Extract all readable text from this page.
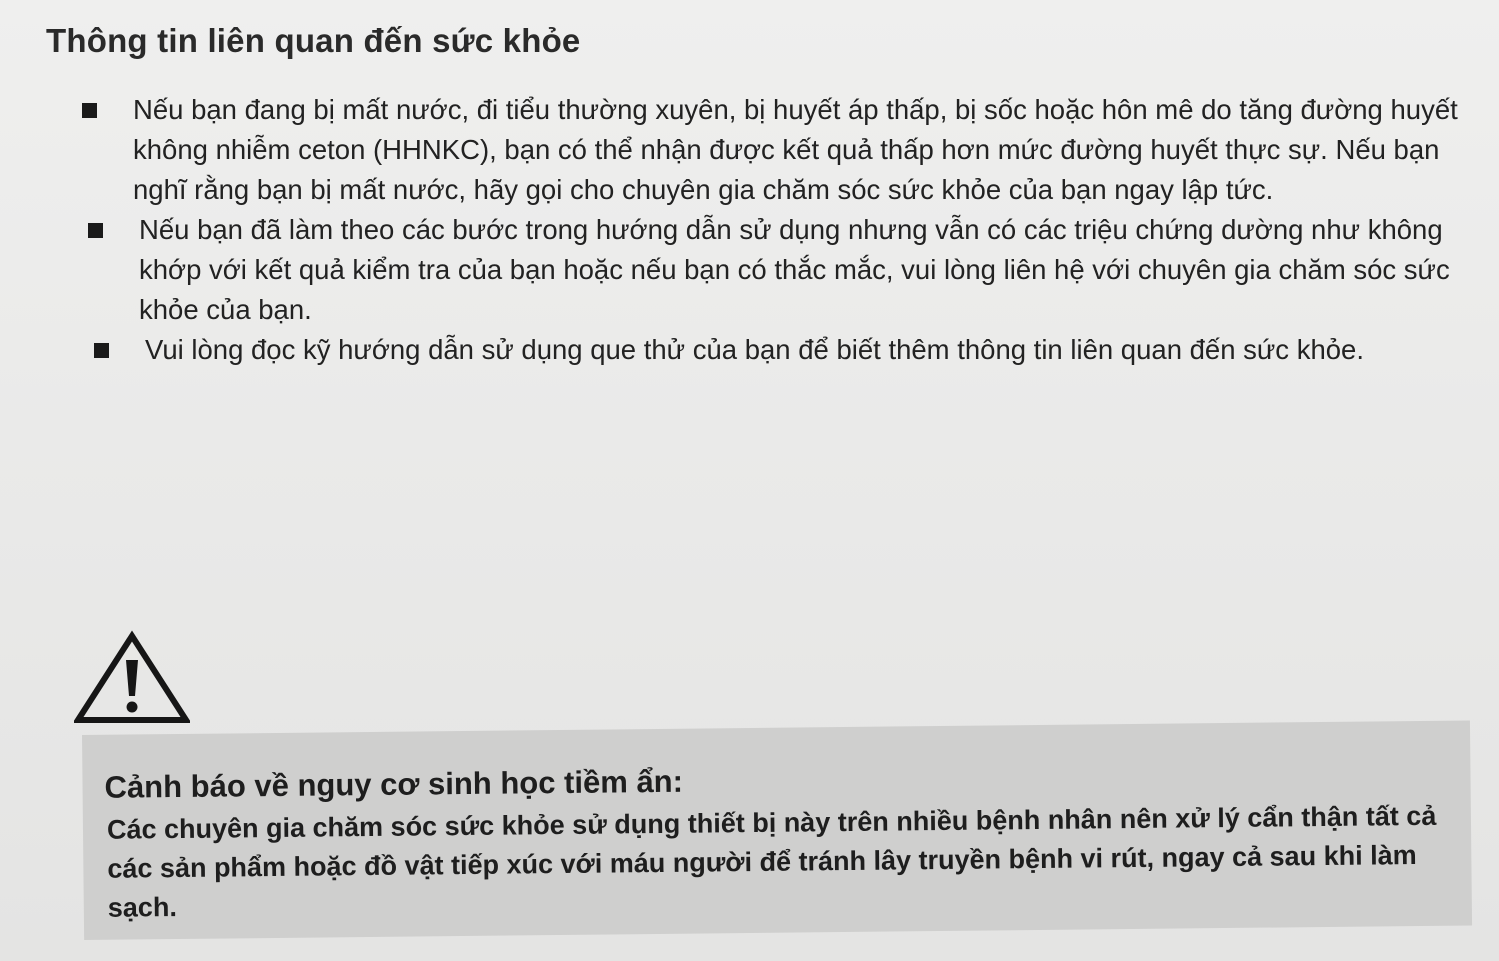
Thông tin liên quan đến sức khỏe
Nếu bạn đang bị mất nước, đi tiểu thường xuyên, bị huyết áp thấp, bị sốc hoặc hôn mê do tăng đường huyết không nhiễm ceton (HHNKC), bạn có thể nhận được kết quả thấp hơn mức đường huyết thực sự. Nếu bạn nghĩ rằng bạn bị mất nước, hãy gọi cho chuyên gia chăm sóc sức khỏe của bạn ngay lập tức.
Nếu bạn đã làm theo các bước trong hướng dẫn sử dụng nhưng vẫn có các triệu chứng dường như không khớp với kết quả kiểm tra của bạn hoặc nếu bạn có thắc mắc, vui lòng liên hệ với chuyên gia chăm sóc sức khỏe của bạn.
Vui lòng đọc kỹ hướng dẫn sử dụng que thử của bạn để biết thêm thông tin liên quan đến sức khỏe.
Cảnh báo về nguy cơ sinh học tiềm ẩn:

Các chuyên gia chăm sóc sức khỏe sử dụng thiết bị này trên nhiều bệnh nhân nên xử lý cẩn thận tất cả các sản phẩm hoặc đồ vật tiếp xúc với máu người để tránh lây truyền bệnh vi rút, ngay cả sau khi làm sạch.
